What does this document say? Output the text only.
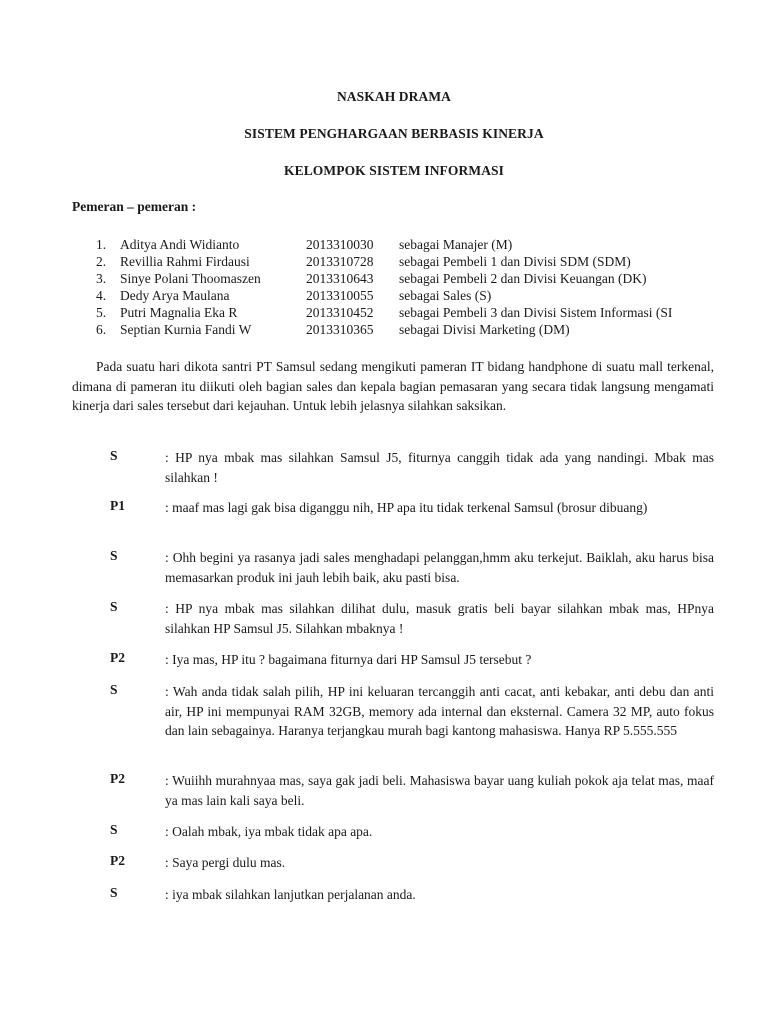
NASKAH DRAMA
SISTEM PENGHARGAAN BERBASIS KINERJA
KELOMPOK SISTEM INFORMASI
Pemeran – pemeran :
1. Aditya Andi Widianto	2013310030 sebagai Manajer (M)
2. Revillia Rahmi Firdausi	2013310728 sebagai Pembeli 1 dan Divisi SDM (SDM)
3. Sinye Polani Thoomaszen	2013310643 sebagai Pembeli 2 dan Divisi Keuangan (DK)
4. Dedy Arya Maulana	2013310055 sebagai Sales (S)
5. Putri Magnalia Eka R	2013310452 sebagai Pembeli 3 dan Divisi Sistem Informasi (SI
6. Septian Kurnia Fandi W	2013310365 sebagai Divisi Marketing (DM)
Pada suatu hari dikota santri PT Samsul sedang mengikuti pameran IT bidang handphone di suatu mall terkenal, dimana di pameran itu diikuti oleh bagian sales dan kepala bagian pemasaran yang secara tidak langsung mengamati kinerja dari sales tersebut dari kejauhan. Untuk lebih jelasnya silahkan saksikan.
S	: HP nya mbak mas silahkan Samsul J5, fiturnya canggih tidak ada yang nandingi. Mbak mas silahkan !
P1	: maaf mas lagi gak bisa diganggu nih, HP apa itu tidak terkenal Samsul (brosur dibuang)
S	: Ohh begini ya rasanya jadi sales menghadapi pelanggan,hmm aku terkejut. Baiklah, aku harus bisa memasarkan produk ini jauh lebih baik, aku pasti bisa.
S	: HP nya mbak mas silahkan dilihat dulu, masuk gratis beli bayar silahkan mbak mas, HPnya silahkan HP Samsul J5. Silahkan mbaknya !
P2	: Iya mas, HP itu ? bagaimana fiturnya dari HP Samsul J5 tersebut ?
S	: Wah anda tidak salah pilih, HP ini keluaran tercanggih anti cacat, anti kebakar, anti debu dan anti air, HP ini mempunyai RAM 32GB, memory ada internal dan eksternal. Camera 32 MP, auto fokus dan lain sebagainya. Haranya terjangkau murah bagi kantong mahasiswa. Hanya RP 5.555.555
P2	: Wuiihh murahnyaa mas, saya gak jadi beli. Mahasiswa bayar uang kuliah pokok aja telat mas, maaf ya mas lain kali saya beli.
S	: Oalah mbak, iya mbak tidak apa apa.
P2	: Saya pergi dulu mas.
S	: iya mbak silahkan lanjutkan perjalanan anda.
